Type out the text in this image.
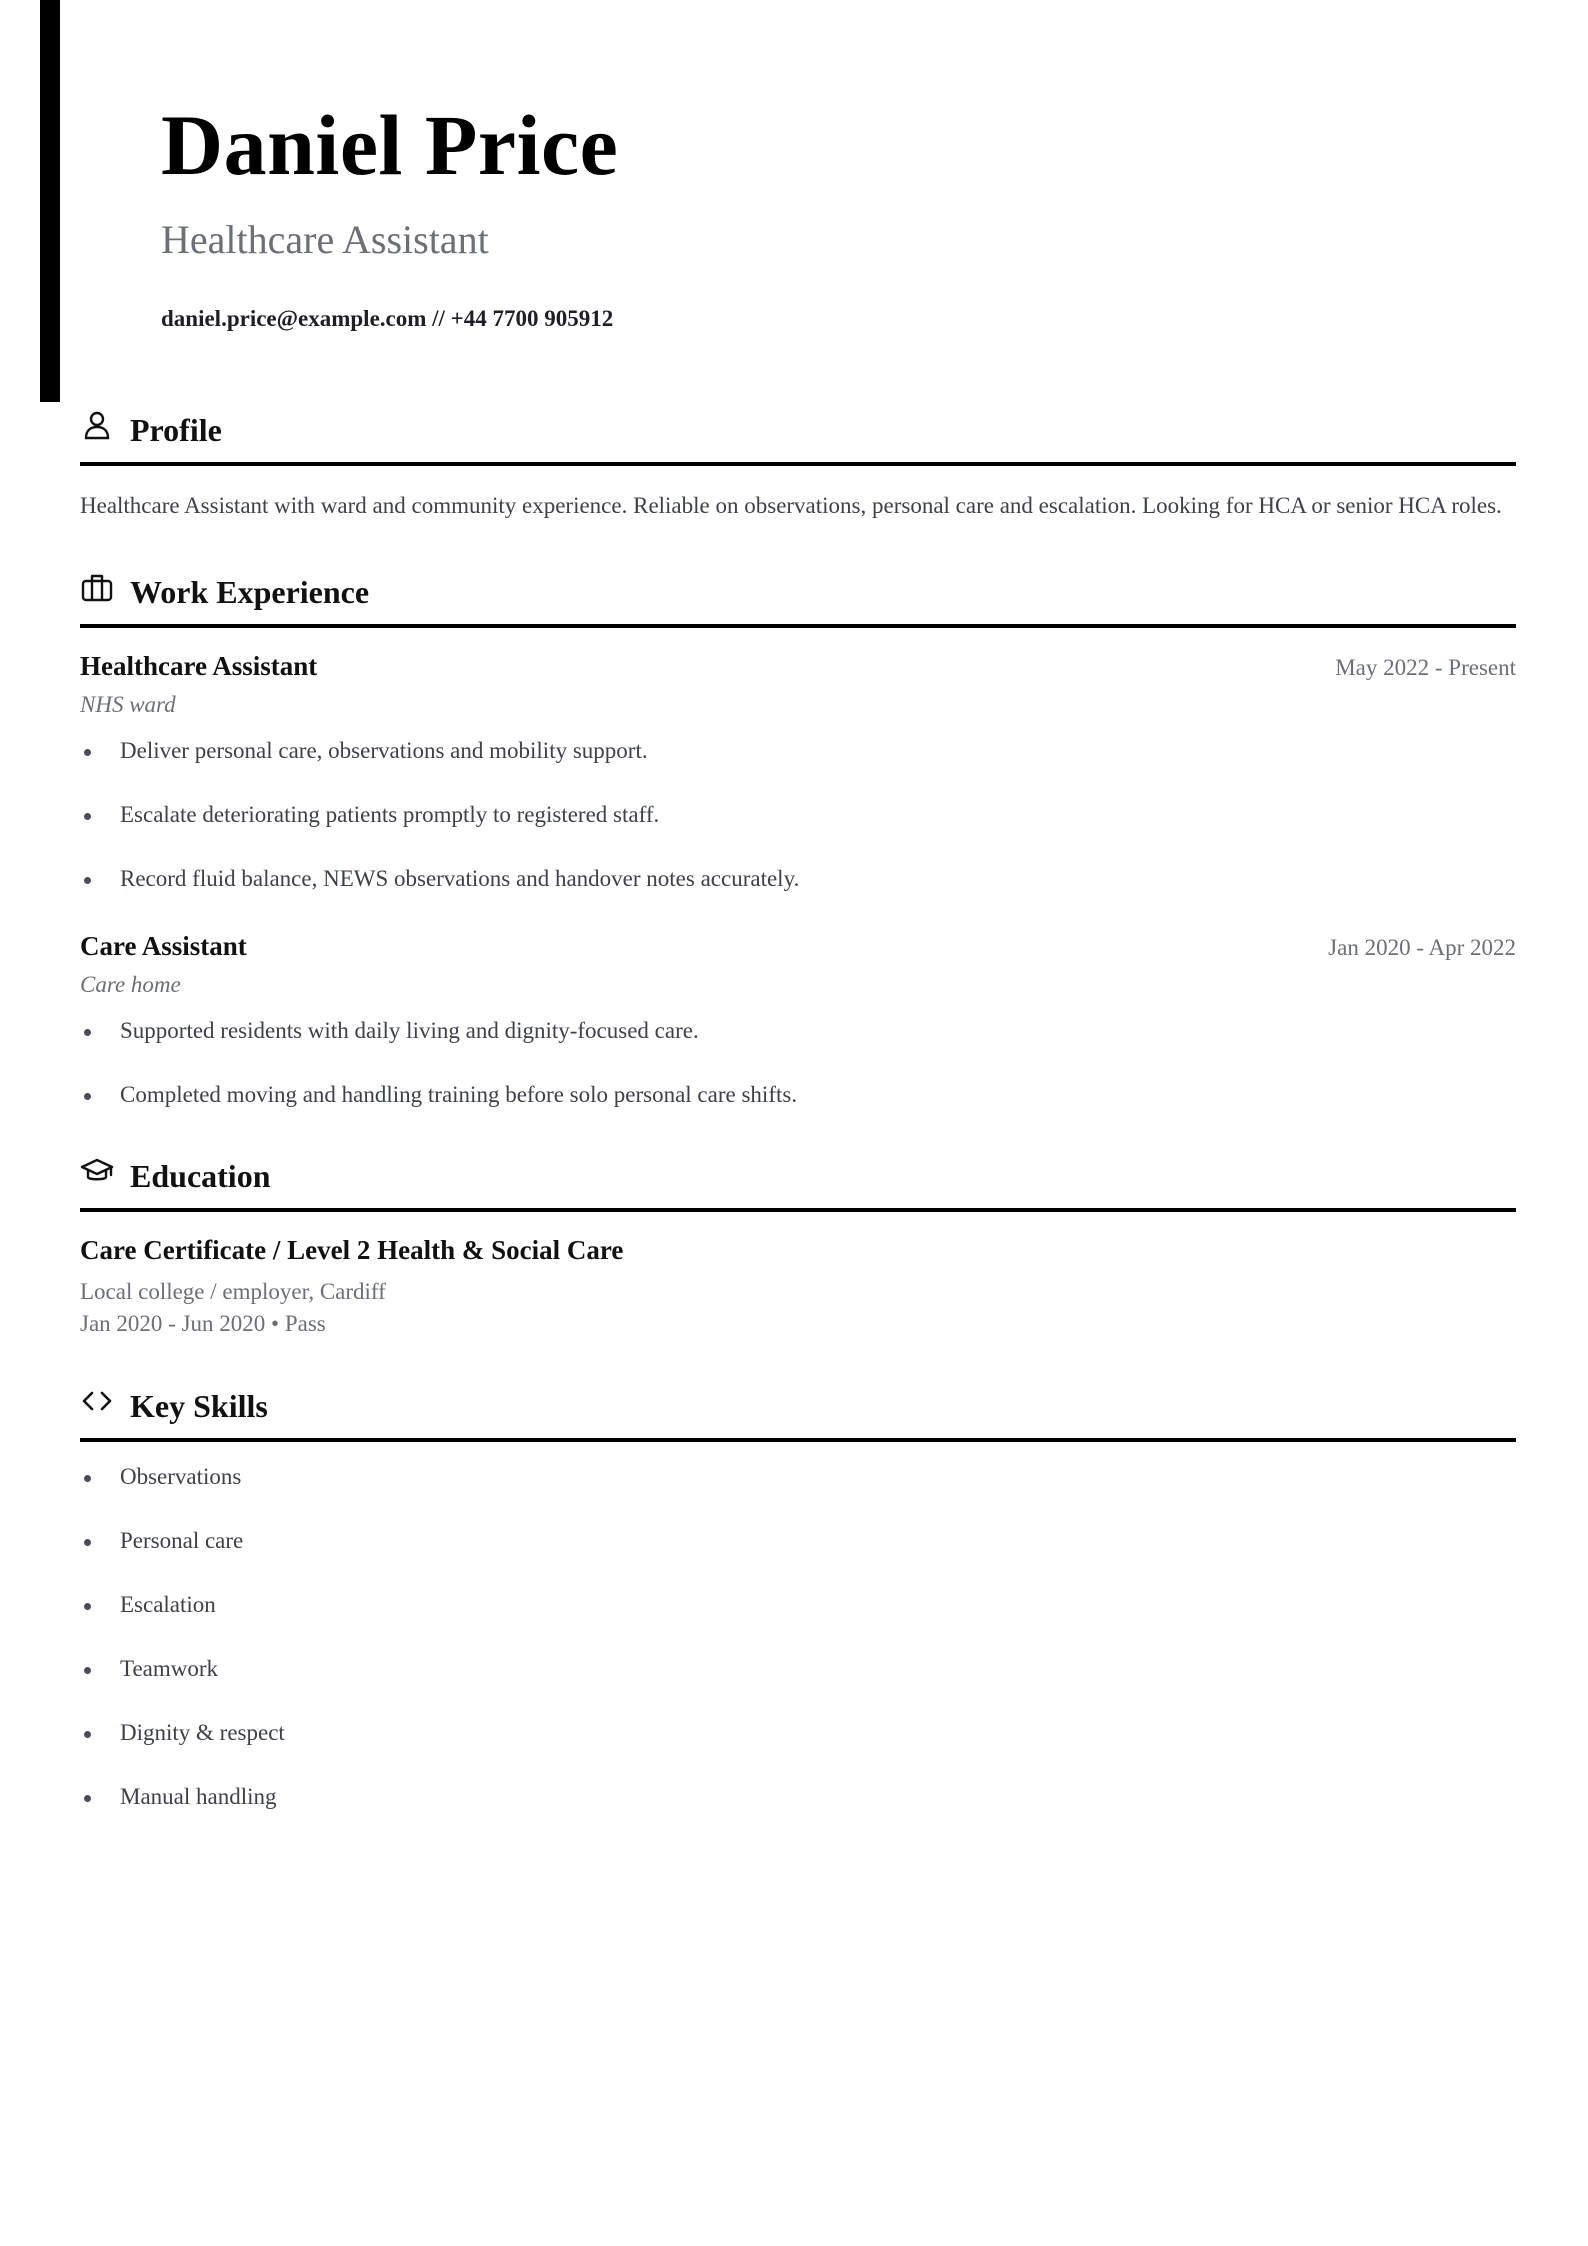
Daniel Price
Healthcare Assistant
daniel.price@example.com // +44 7700 905912
Profile

Healthcare Assistant with ward and community experience. Reliable on observations, personal care and escalation. Looking for HCA or senior HCA roles.

Work Experience
Healthcare Assistant	May 2022 - Present
NHS ward
Deliver personal care, observations and mobility support.
Escalate deteriorating patients promptly to registered staff.
Record fluid balance, NEWS observations and handover notes accurately.
Care Assistant	Jan 2020 - Apr 2022
Care home
Supported residents with daily living and dignity-focused care.
Completed moving and handling training before solo personal care shifts.
Education
Care Certificate / Level 2 Health & Social Care
Local college / employer, Cardiff
Jan 2020 - Jun 2020 • Pass
Key Skills
Observations
Personal care
Escalation
Teamwork
Dignity & respect
Manual handling
